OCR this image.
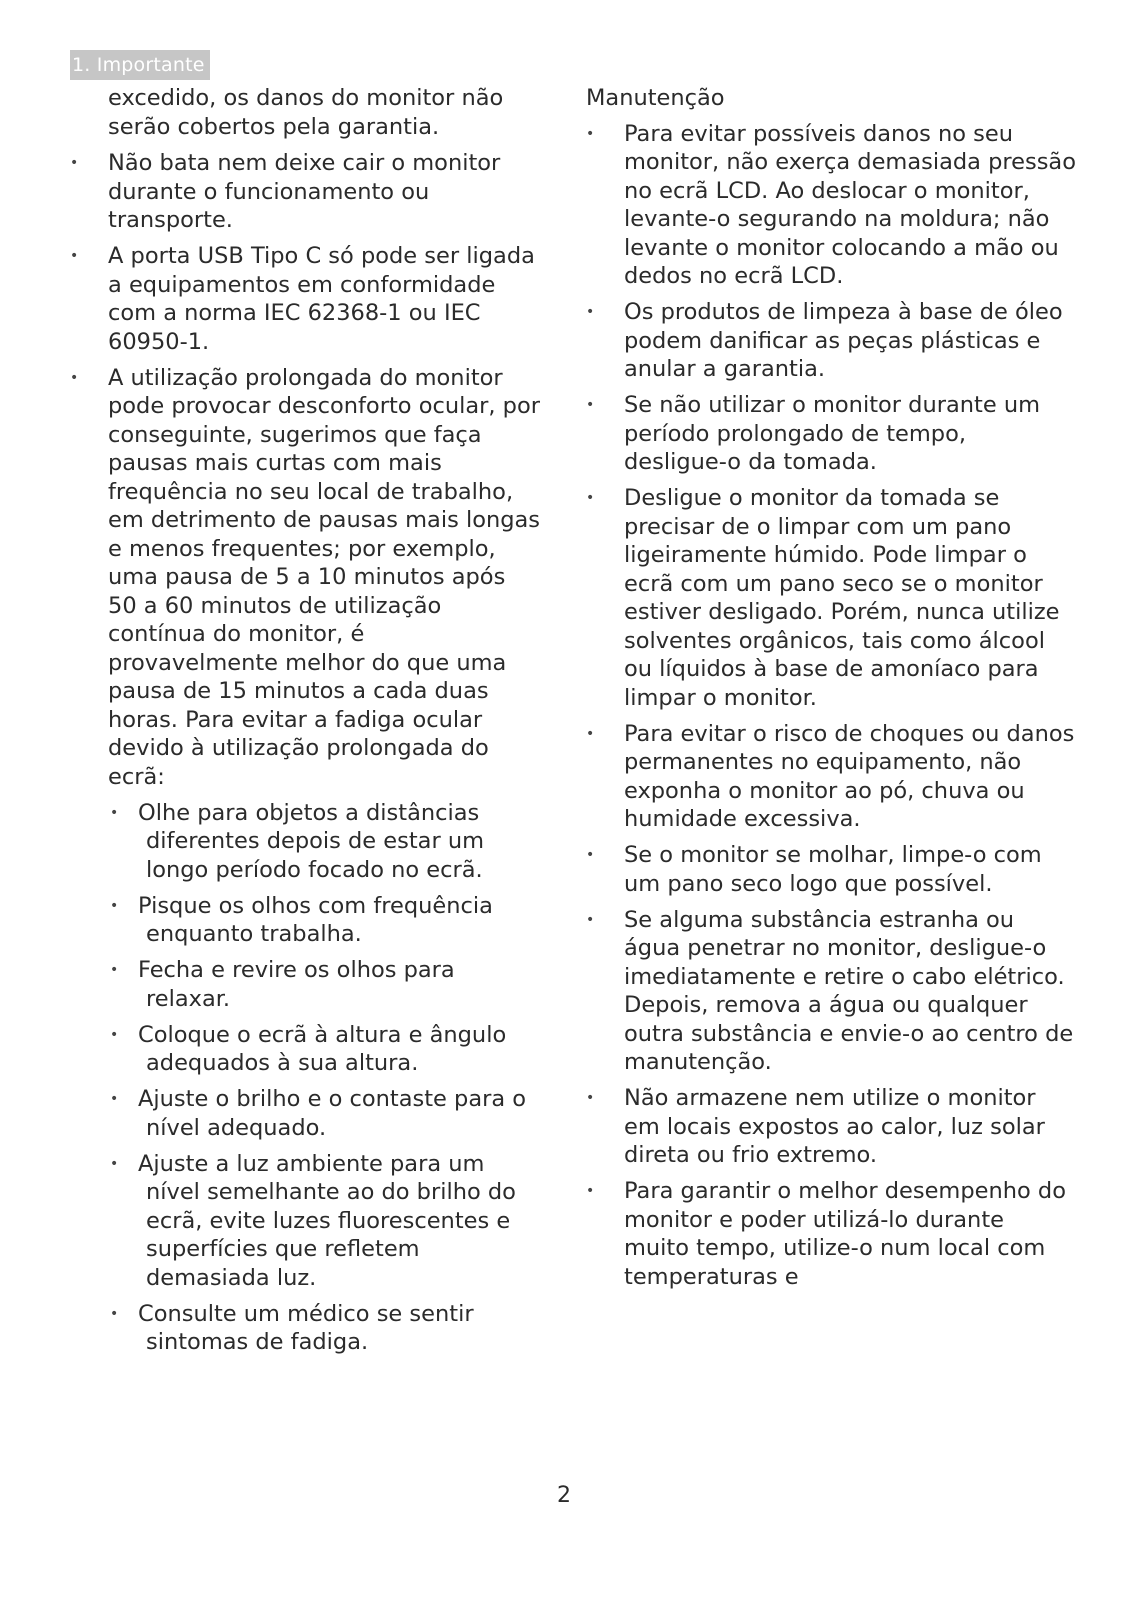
1. Importante
excedido, os danos do monitor não serão cobertos pela garantia.
• Não bata nem deixe cair o monitor durante o funcionamento ou transporte.
• A porta USB Tipo C só pode ser ligada a equipamentos em conformidade com a norma IEC 62368-1 ou IEC 60950-1.
• A utilização prolongada do monitor pode provocar desconforto ocular, por conseguinte, sugerimos que faça pausas mais curtas com mais frequência no seu local de trabalho, em detrimento de pausas mais longas e menos frequentes; por exemplo, uma pausa de 5 a 10 minutos após 50 a 60 minutos de utilização contínua do monitor, é provavelmente melhor do que uma pausa de 15 minutos a cada duas horas. Para evitar a fadiga ocular devido à utilização prolongada do ecrã:
• Olhe para objetos a distâncias diferentes depois de estar um longo período focado no ecrã.
• Pisque os olhos com frequência enquanto trabalha.
• Fecha e revire os olhos para relaxar.
• Coloque o ecrã à altura e ângulo adequados à sua altura.
• Ajuste o brilho e o contaste para o nível adequado.
• Ajuste a luz ambiente para um nível semelhante ao do brilho do ecrã, evite luzes fluorescentes e superfícies que refletem demasiada luz.
• Consulte um médico se sentir sintomas de fadiga.
Manutenção
• Para evitar possíveis danos no seu monitor, não exerça demasiada pressão no ecrã LCD. Ao deslocar o monitor, levante-o segurando na moldura; não levante o monitor colocando a mão ou dedos no ecrã LCD.
• Os produtos de limpeza à base de óleo podem danificar as peças plásticas e anular a garantia.
• Se não utilizar o monitor durante um período prolongado de tempo, desligue-o da tomada.
• Desligue o monitor da tomada se precisar de o limpar com um pano ligeiramente húmido. Pode limpar o ecrã com um pano seco se o monitor estiver desligado. Porém, nunca utilize solventes orgânicos, tais como álcool ou líquidos à base de amoníaco para limpar o monitor.
• Para evitar o risco de choques ou danos permanentes no equipamento, não exponha o monitor ao pó, chuva ou humidade excessiva.
• Se o monitor se molhar, limpe-o com um pano seco logo que possível.
• Se alguma substância estranha ou água penetrar no monitor, desligue-o imediatamente e retire o cabo elétrico. Depois, remova a água ou qualquer outra substância e envie-o ao centro de manutenção.
• Não armazene nem utilize o monitor em locais expostos ao calor, luz solar direta ou frio extremo.
• Para garantir o melhor desempenho do monitor e poder utilizá-lo durante muito tempo, utilize-o num local com temperaturas e
2
